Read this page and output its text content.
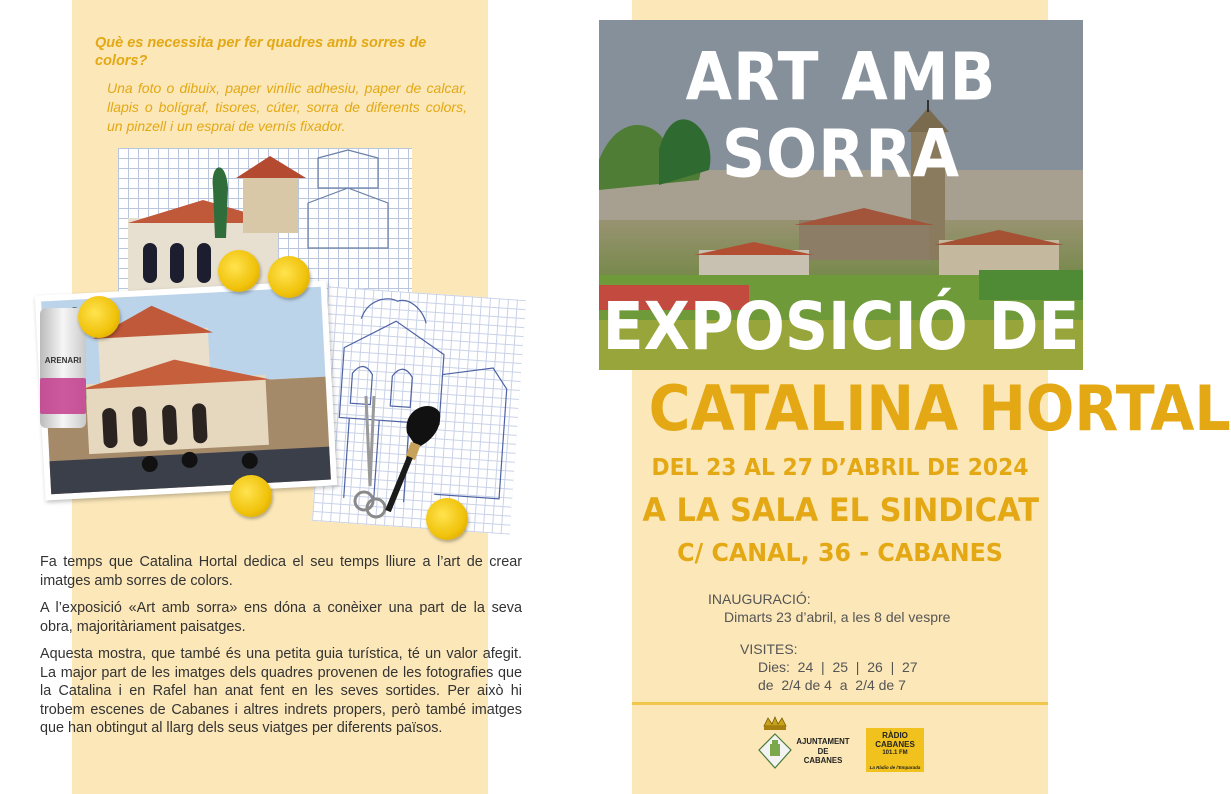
Què es necessita per fer quadres amb sorres de colors?
Una foto o dibuix, paper vinílic adhesiu, paper de calcar, llapis o bolígraf, tisores, cúter, sorra de diferents colors, un pinzell i un esprai de vernís fixador.
ARENARI

Fa temps que Catalina Hortal dedica el seu temps lliure a l’art de crear imatges amb sorres de colors.

A l’exposició «Art amb sorra» ens dóna a conèixer una part de la seva obra, majoritàriament paisatges.

Aquesta mostra, que també és una petita guia turística, té un valor afegit. La major part de les imatges dels quadres provenen de les fotografies que la Catalina i en Rafel han anat fent en les seves sortides. Per això hi trobem escenes de Cabanes i altres indrets propers, però també imatges que han obtingut al llarg dels seus viatges per diferents països.

ART AMB SORRA
EXPOSICIÓ DE
CATALINA HORTAL
DEL 23 AL 27 D’ABRIL DE 2024
A LA SALA EL SINDICAT
C/ CANAL, 36 - CABANES
INAUGURACIÓ:
Dimarts 23 d’abril, a les 8 del vespre
VISITES:
Dies:  24  |  25  |  26  |  27
de  2/4 de 4  a  2/4 de 7
AJUNTAMENT
DE
CABANES
RÀDIO CABANES
101.1 FM
La Ràdio de l'Emparada
